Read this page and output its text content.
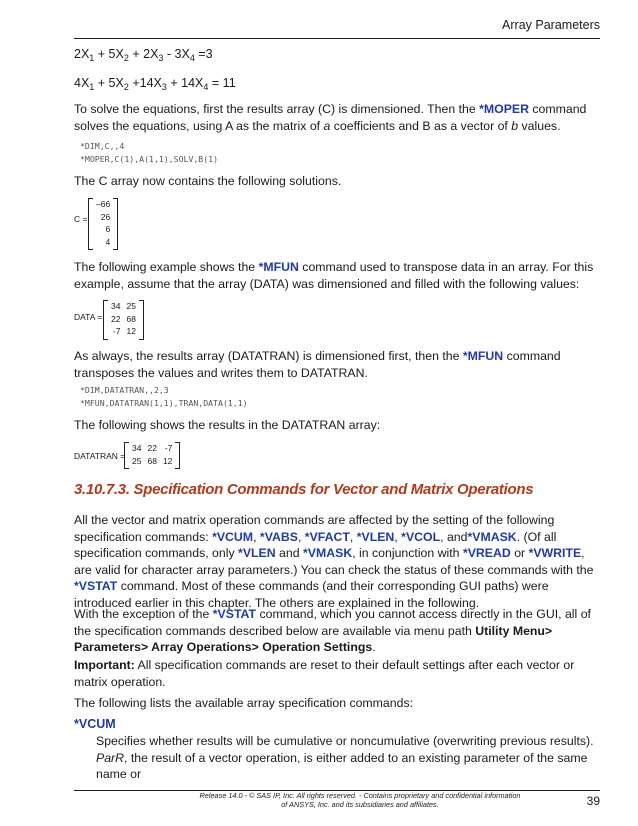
Array Parameters
$2X_1 + 5X_2 + 2X_3 - 3X_4 =3$
$4X_1 + 5X_2 +14X_3 + 14X_4 = 11$
To solve the equations, first the results array (C) is dimensioned. Then the *MOPER command solves the equations, using A as the matrix of a coefficients and B as a vector of b values.
*DIM,C,,4
*MOPER,C(1),A(1,1),SOLV,B(1)
The C array now contains the following solutions.
C =
–66
26
6
4
The following example shows the *MFUN command used to transpose data in an array. For this example, assume that the array (DATA) was dimensioned and filled with the following values:
DATA =
34	25
22	68
-7	12
As always, the results array (DATATRAN) is dimensioned first, then the *MFUN command transposes the values and writes them to DATATRAN.
*DIM,DATATRAN,,2,3
*MFUN,DATATRAN(1,1),TRAN,DATA(1,1)
The following shows the results in the DATATRAN array:
DATATRAN =
34	22	-7
25	68	12
3.10.7.3. Specification Commands for Vector and Matrix Operations
All the vector and matrix operation commands are affected by the setting of the following specification commands: *VCUM, *VABS, *VFACT, *VLEN, *VCOL, and*VMASK. (Of all specification commands, only *VLEN and *VMASK, in conjunction with *VREAD or *VWRITE, are valid for character array parameters.) You can check the status of these commands with the *VSTAT command. Most of these commands (and their corresponding GUI paths) were introduced earlier in this chapter. The others are explained in the following.
With the exception of the *VSTAT command, which you cannot access directly in the GUI, all of the specification commands described below are available via menu path Utility Menu> Parameters> Array Operations> Operation Settings.
Important: All specification commands are reset to their default settings after each vector or matrix operation.
The following lists the available array specification commands:
*VCUM
Specifies whether results will be cumulative or noncumulative (overwriting previous results). ParR, the result of a vector operation, is either added to an existing parameter of the same name or
Release 14.0 - © SAS IP, Inc. All rights reserved. - Contains proprietary and confidential information
of ANSYS, Inc. and its subsidiaries and affiliates.	39
